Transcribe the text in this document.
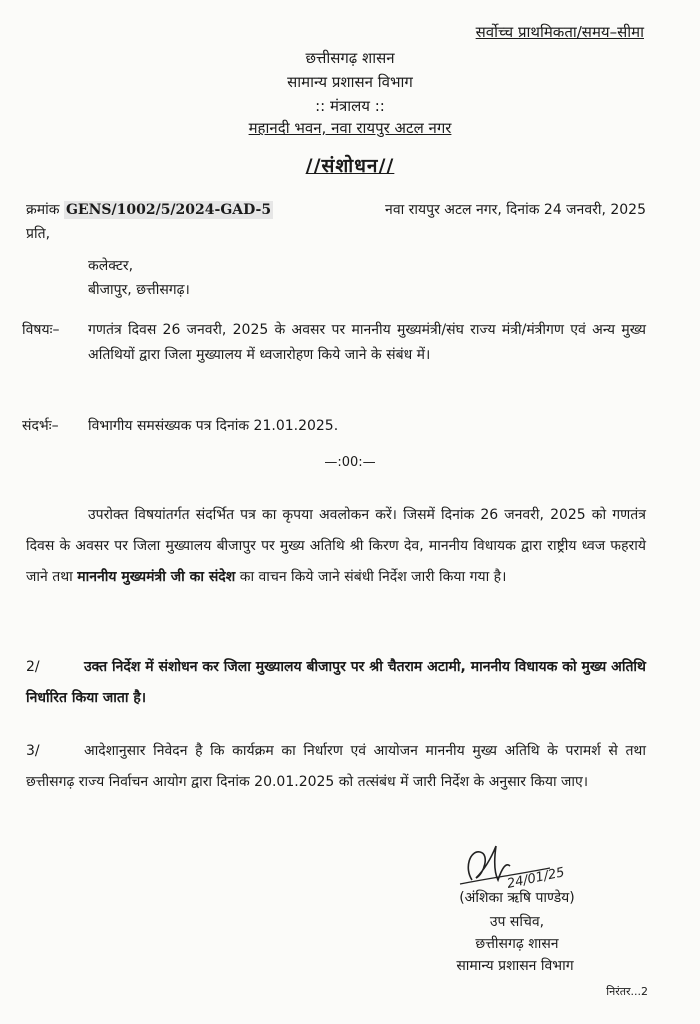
सर्वोच्च प्राथमिकता/समय–सीमा
छत्तीसगढ़ शासन
सामान्य प्रशासन विभाग
:: मंत्रालय ::
महानदी भवन, नवा रायपुर अटल नगर
//संशोधन//
क्रमांक GENS/1002/5/2024-GAD-5	नवा रायपुर अटल नगर, दिनांक 24 जनवरी, 2025
प्रति,
कलेक्टर,
बीजापुर, छत्तीसगढ़।
विषयः– गणतंत्र दिवस 26 जनवरी, 2025 के अवसर पर माननीय मुख्यमंत्री/संघ राज्य मंत्री/मंत्रीगण एवं अन्य मुख्य अतिथियों द्वारा जिला मुख्यालय में ध्वजारोहण किये जाने के संबंध में।
संदर्भः– विभागीय समसंख्यक पत्र दिनांक 21.01.2025.
—:00:—
उपरोक्त विषयांतर्गत संदर्भित पत्र का कृपया अवलोकन करें। जिसमें दिनांक 26 जनवरी, 2025 को गणतंत्र दिवस के अवसर पर जिला मुख्यालय बीजापुर पर मुख्य अतिथि श्री किरण देव, माननीय विधायक द्वारा राष्ट्रीय ध्वज फहराये जाने तथा माननीय मुख्यमंत्री जी का संदेश का वाचन किये जाने संबंधी निर्देश जारी किया गया है।
2/	उक्त निर्देश में संशोधन कर जिला मुख्यालय बीजापुर पर श्री चैतराम अटामी, माननीय विधायक को मुख्य अतिथि निर्धारित किया जाता है।
3/	आदेशानुसार निवेदन है कि कार्यक्रम का निर्धारण एवं आयोजन माननीय मुख्य अतिथि के परामर्श से तथा छत्तीसगढ़ राज्य निर्वाचन आयोग द्वारा दिनांक 20.01.2025 को तत्संबंध में जारी निर्देश के अनुसार किया जाए।
24/01/25
(अंशिका ऋषि पाण्डेय)
उप सचिव,
छत्तीसगढ़ शासन
सामान्य प्रशासन विभाग
निरंतर...2
